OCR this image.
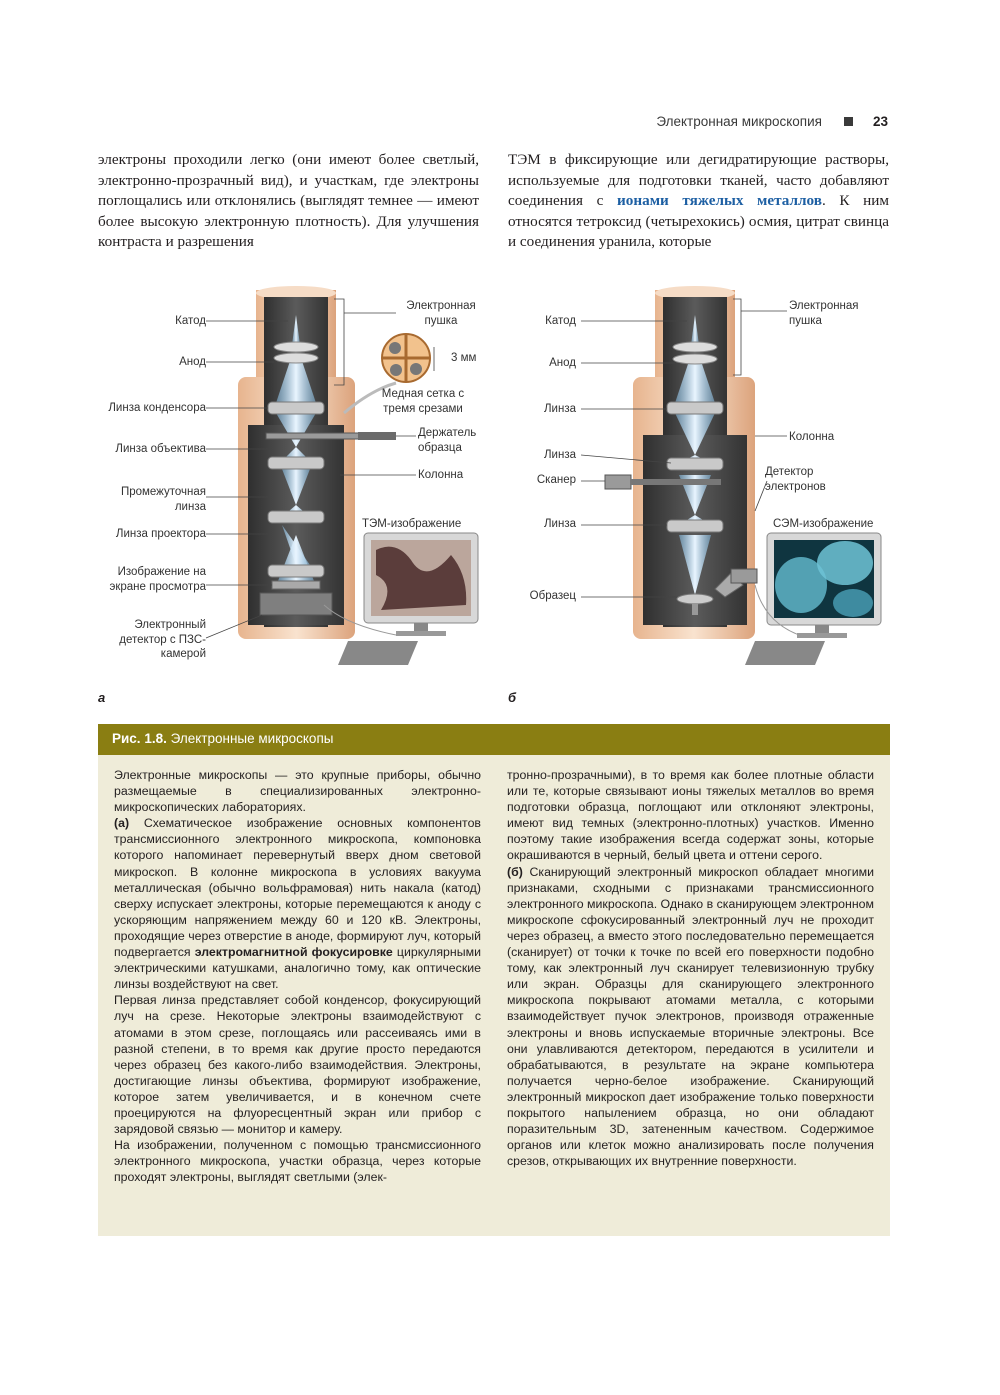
Электронная микроскопия	23
электроны проходили легко (они имеют более светлый, электронно-прозрачный вид), и участкам, где электроны поглощались или отклонялись (выглядят темнее — имеют более высокую электронную плотность). Для улучшения контраста и разрешения
ТЭМ в фиксирующие или дегидратирующие растворы, используемые для подготовки тканей, часто добавляют соединения с ионами тяжелых металлов. К ним относятся тетроксид (четырехокись) осмия, цитрат свинца и соединения уранила, которые
Катод
Анод
Линза конденсора
Линза объектива
Промежуточная линза
Линза проектора
Изображение на экране просмотра
Электронный детектор с ПЗС-камерой
Электронная пушка
3 мм
Медная сетка с тремя срезами
Держатель образца
Колонна
ТЭМ-изображение
а
Катод
Анод
Линза
Линза
Сканер
Линза
Образец
Электронная пушка
Колонна
Детектор электронов
СЭМ-изображение
б
Рис. 1.8. Электронные микроскопы

Электронные микроскопы — это крупные приборы, обычно размещаемые в специализированных электронно-микроскопических лабораториях.

(а) Схематическое изображение основных компонентов трансмиссионного электронного микроскопа, компоновка которого напоминает перевернутый вверх дном световой микроскоп. В колонне микроскопа в условиях вакуума металлическая (обычно вольфрамовая) нить накала (катод) сверху испускает электроны, которые перемещаются к аноду с ускоряющим напряжением между 60 и 120 кВ. Электроны, проходящие через отверстие в аноде, формируют луч, который подвергается электромагнитной фокусировке циркулярными электрическими катушками, аналогично тому, как оптические линзы воздействуют на свет.

Первая линза представляет собой конденсор, фокусирующий луч на срезе. Некоторые электроны взаимодействуют с атомами в этом срезе, поглощаясь или рассеиваясь ими в разной степени, в то время как другие просто передаются через образец без какого-либо взаимодействия. Электроны, достигающие линзы объектива, формируют изображение, которое затем увеличивается, и в конечном счете проецируются на флуоресцентный экран или прибор с зарядовой связью — монитор и камеру.

На изображении, полученном с помощью трансмиссионного электронного микроскопа, участки образца, через которые проходят электроны, выглядят светлыми (элек-

тронно-прозрачными), в то время как более плотные области или те, которые связывают ионы тяжелых металлов во время подготовки образца, поглощают или отклоняют электроны, имеют вид темных (электронно-плотных) участков. Именно поэтому такие изображения всегда содержат зоны, которые окрашиваются в черный, белый цвета и оттени серого.

(б) Сканирующий электронный микроскоп обладает многими признаками, сходными с признаками трансмиссионного электронного микроскопа. Однако в сканирующем электронном микроскопе сфокусированный электронный луч не проходит через образец, а вместо этого последовательно перемещается (сканирует) от точки к точке по всей его поверхности подобно тому, как электронный луч сканирует телевизионную трубку или экран. Образцы для сканирующего электронного микроскопа покрывают атомами металла, с которыми взаимодействует пучок электронов, производя отраженные электроны и вновь испускаемые вторичные электроны. Все они улавливаются детектором, передаются в усилители и обрабатываются, в результате на экране компьютера получается черно-белое изображение. Сканирующий электронный микроскоп дает изображение только поверхности покрытого напылением образца, но они обладают поразительным 3D, затененным качеством. Содержимое органов или клеток можно анализировать после получения срезов, открывающих их внутренние поверхности.
